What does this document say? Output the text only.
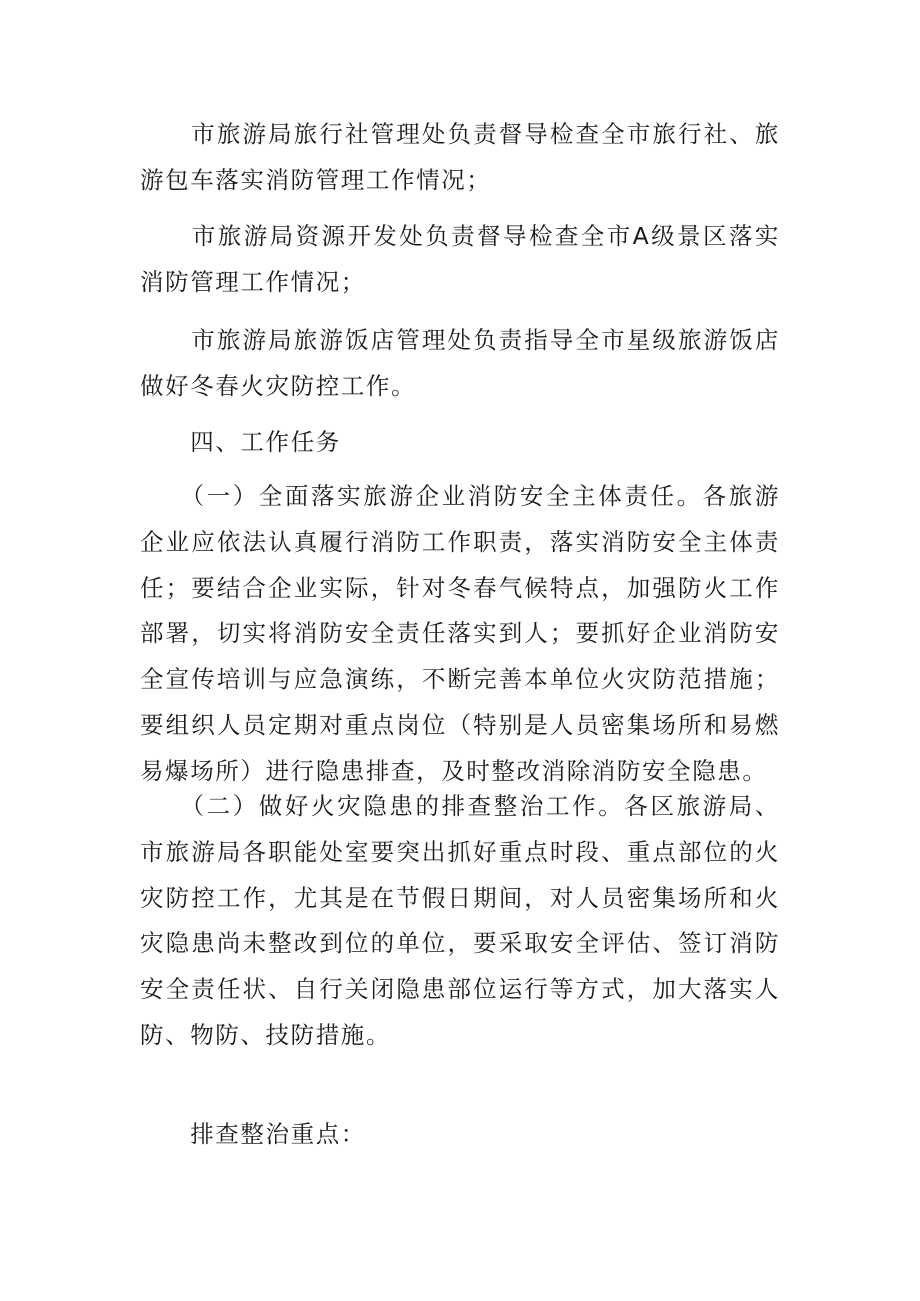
　　市旅游局旅行社管理处负责督导检查全市旅行社、旅游包车落实消防管理工作情况；

　　市旅游局资源开发处负责督导检查全市A级景区落实消防管理工作情况；

　　市旅游局旅游饭店管理处负责指导全市星级旅游饭店做好冬春火灾防控工作。

　　四、工作任务

　　（一）全面落实旅游企业消防安全主体责任。各旅游企业应依法认真履行消防工作职责，落实消防安全主体责任；要结合企业实际，针对冬春气候特点，加强防火工作部署，切实将消防安全责任落实到人；要抓好企业消防安全宣传培训与应急演练，不断完善本单位火灾防范措施；要组织人员定期对重点岗位（特别是人员密集场所和易燃易爆场所）进行隐患排查，及时整改消除消防安全隐患。

　　（二）做好火灾隐患的排查整治工作。各区旅游局、市旅游局各职能处室要突出抓好重点时段、重点部位的火灾防控工作，尤其是在节假日期间，对人员密集场所和火灾隐患尚未整改到位的单位，要采取安全评估、签订消防安全责任状、自行关闭隐患部位运行等方式，加大落实人防、物防、技防措施。

　　排查整治重点：
